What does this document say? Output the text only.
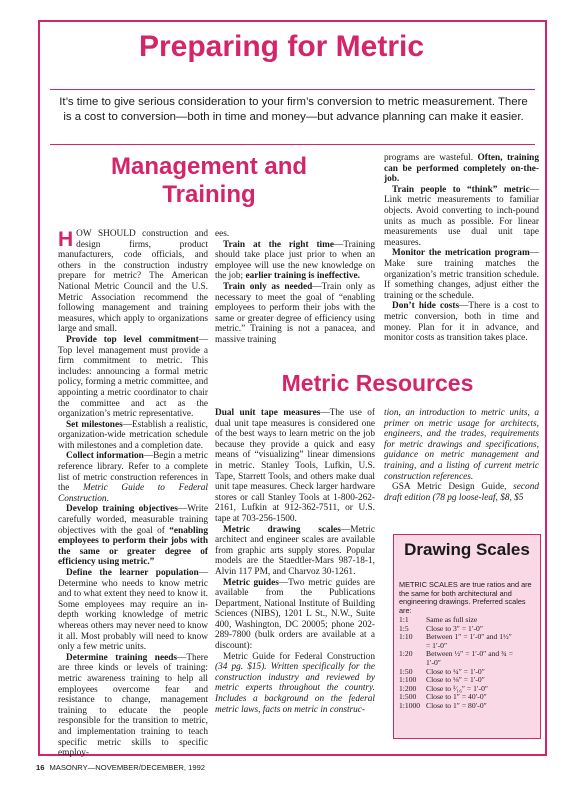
Preparing for Metric
It’s time to give serious consideration to your firm’s conversion to metric measurement. There is a cost to conversion—both in time and money—but advance planning can make it easier.
Management and Training

HOW SHOULD construction and design firms, product manufacturers, code officials, and others in the construction industry prepare for metric? The American National Metric Council and the U.S. Metric Association recommend the following management and training measures, which apply to organizations large and small.

Provide top level commitment—Top level management must provide a firm commitment to metric. This includes: announcing a formal metric policy, forming a metric committee, and appointing a metric coordinator to chair the committee and act as the organization’s metric representative.

Set milestones—Establish a realistic, organization-wide metrication schedule with milestones and a completion date.

Collect information—Begin a metric reference library. Refer to a complete list of metric construction references in the Metric Guide to Federal Construction.

Develop training objectives—Write carefully worded, measurable training objectives with the goal of “enabling employees to perform their jobs with the same or greater degree of efficiency using metric.”

Define the learner population—Determine who needs to know metric and to what extent they need to know it. Some employees may require an in-depth working knowledge of metric whereas others may never need to know it all. Most probably will need to know only a few metric units.

Determine training needs—There are three kinds or levels of training: metric awareness training to help all employees overcome fear and resistance to change, management training to educate the people responsible for the transition to metric, and implementation training to teach specific metric skills to specific employ-

ees.

Train at the right time—Training should take place just prior to when an employee will use the new knowledge on the job; earlier training is ineffective.

Train only as needed—Train only as necessary to meet the goal of “enabling employees to perform their jobs with the same or greater degree of efficiency using metric.” Training is not a panacea, and massive training

programs are wasteful. Often, training can be performed completely on-the-job.

Train people to “think” metric—Link metric measurements to familiar objects. Avoid converting to inch-pound units as much as possible. For linear measurements use dual unit tape measures.

Monitor the metrication program—Make sure training matches the organization’s metric transition schedule. If something changes, adjust either the training or the schedule.

Don’t hide costs—There is a cost to metric conversion, both in time and money. Plan for it in advance, and monitor costs as transition takes place.

Metric Resources

Dual unit tape measures—The use of dual unit tape measures is considered one of the best ways to learn metric on the job because they provide a quick and easy means of “visualizing” linear dimensions in metric. Stanley Tools, Lufkin, U.S. Tape, Starrett Tools, and others make dual unit tape measures. Check larger hardware stores or call Stanley Tools at 1-800-262-2161, Lufkin at 912-362-7511, or U.S. tape at 703-256-1500.

Metric drawing scales—Metric architect and engineer scales are available from graphic arts supply stores. Popular models are the Staedtler-Mars 987-18-1, Alvin 117 PM, and Charvoz 30-1261.

Metric guides—Two metric guides are available from the Publications Department, National Institute of Building Sciences (NIBS), 1201 L St., N.W., Suite 400, Washington, DC 20005; phone 202-289-7800 (bulk orders are available at a discount):

Metric Guide for Federal Construction (34 pg. $15). Written specifically for the construction industry and reviewed by metric experts throughout the country. Includes a background on the federal metric laws, facts on metric in construc-

tion, an introduction to metric units, a primer on metric usage for architects, engineers, and the trades, requirements for metric drawings and specifications, guidance on metric management and training, and a listing of current metric construction references.

GSA Metric Design Guide, second draft edition (78 pg loose-leaf, $8, $5

Drawing Scales
METRIC SCALES are true ratios and are the same for both architectural and engineering drawings. Preferred scales are:
1:1 Same as full size
1:5 Close to 3″ = 1′-0″
1:10 Between 1″ = 1′-0″ and 1½″
= 1′-0″
1:20 Between ½″ = 1′-0″ and ¾ =
1′-0″
1:50 Close to ¼″ = 1′-0″
1:100 Close to ⅛″ = 1′-0″
1:200 Close to ¹⁄₁₆″ = 1′-0″
1:500 Close to 1″ = 40′-0″
1:1000 Close to 1″ = 80′-0″
16 MASONRY—NOVEMBER/DECEMBER, 1992
